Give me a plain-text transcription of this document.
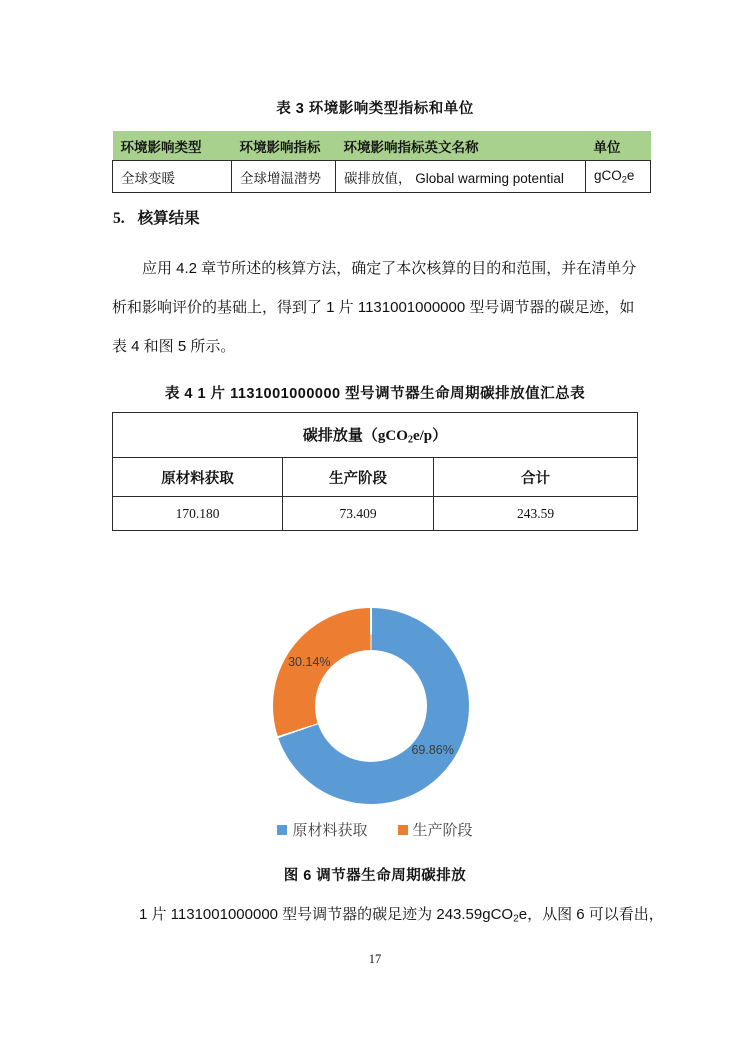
表 3 环境影响类型指标和单位
环境影响类型	环境影响指标	环境影响指标英文名称	单位
全球变暖	全球增温潜势	碳排放值， Global warming potential	gCO$_2$e
5. 核算结果
应用 4.2 章节所述的核算方法，确定了本次核算的目的和范围，并在清单分
析和影响评价的基础上，得到了 1 片 1131001000000 型号调节器的碳足迹，如
表 4 和图 5 所示。
表 4 1 片 1131001000000 型号调节器生命周期碳排放值汇总表
碳排放量（gCO$_2$e/p）		
原材料获取	生产阶段	合计
170.180	73.409	243.59
69.86%
30.14%
原材料获取	生产阶段
图 6 调节器生命周期碳排放
1 片 1131001000000 型号调节器的碳足迹为 243.59gCO$_2$e，从图 6 可以看出，
17
